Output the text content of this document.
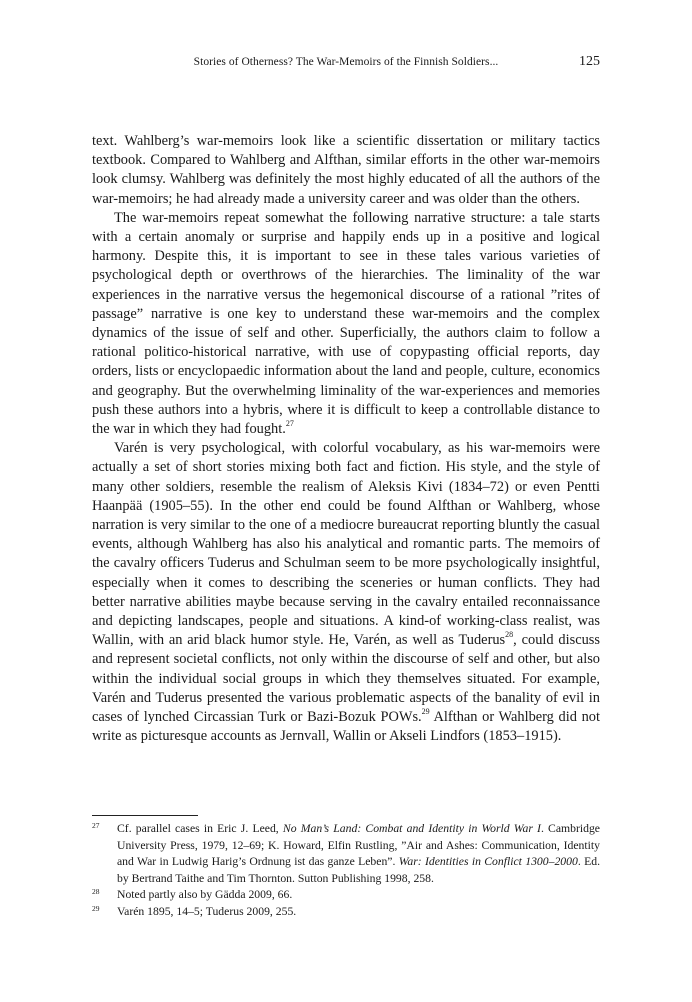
Stories of Otherness? The War-Memoirs of the Finnish Soldiers...	125

text. Wahlberg’s war-memoirs look like a scientific dissertation or military tactics textbook. Compared to Wahlberg and Alfthan, similar efforts in the other war-memoirs look clumsy. Wahlberg was definitely the most highly educated of all the authors of the war-memoirs; he had already made a university career and was older than the others.

The war-memoirs repeat somewhat the following narrative structure: a tale starts with a certain anomaly or surprise and happily ends up in a positive and logical harmony. Despite this, it is important to see in these tales various varieties of psychological depth or overthrows of the hierarchies. The liminality of the war experiences in the narrative versus the hegemonical discourse of a rational ”rites of passage” narrative is one key to understand these war-memoirs and the complex dynamics of the issue of self and other. Superficially, the authors claim to follow a rational politico-historical narrative, with use of copypasting official reports, day orders, lists or encyclopaedic information about the land and people, culture, economics and geography. But the overwhelming liminality of the war-experiences and memories push these authors into a hybris, where it is difficult to keep a controllable distance to the war in which they had fought.$^{27}$

Varén is very psychological, with colorful vocabulary, as his war-memoirs were actually a set of short stories mixing both fact and fiction. His style, and the style of many other soldiers, resemble the realism of Aleksis Kivi (1834–72) or even Pentti Haanpää (1905–55). In the other end could be found Alfthan or Wahlberg, whose narration is very similar to the one of a mediocre bureaucrat reporting bluntly the casual events, although Wahlberg has also his analytical and romantic parts. The memoirs of the cavalry officers Tuderus and Schulman seem to be more psychologically insightful, especially when it comes to describing the sceneries or human conflicts. They had better narrative abilities maybe because serving in the cavalry entailed reconnaissance and depicting landscapes, people and situations. A kind-of working-class realist, was Wallin, with an arid black humor style. He, Varén, as well as Tuderus$^{28}$, could discuss and represent societal conflicts, not only within the discourse of self and other, but also within the individual social groups in which they themselves situated. For example, Varén and Tuderus presented the various problematic aspects of the banality of evil in cases of lynched Circassian Turk or Bazi-Bozuk POWs.$^{29}$ Alfthan or Wahlberg did not write as picturesque accounts as Jernvall, Wallin or Akseli Lindfors (1853–1915).

27 Cf. parallel cases in Eric J. Leed, No Man’s Land: Combat and Identity in World War I. Cambridge University Press, 1979, 12–69; K. Howard, Elfin Rustling, ”Air and Ashes: Communication, Identity and War in Ludwig Harig’s Ordnung ist das ganze Leben”. War: Identities in Conflict 1300–2000. Ed. by Bertrand Taithe and Tim Thornton. Sutton Publishing 1998, 258.
28 Noted partly also by Gädda 2009, 66.
29 Varén 1895, 14–5; Tuderus 2009, 255.
